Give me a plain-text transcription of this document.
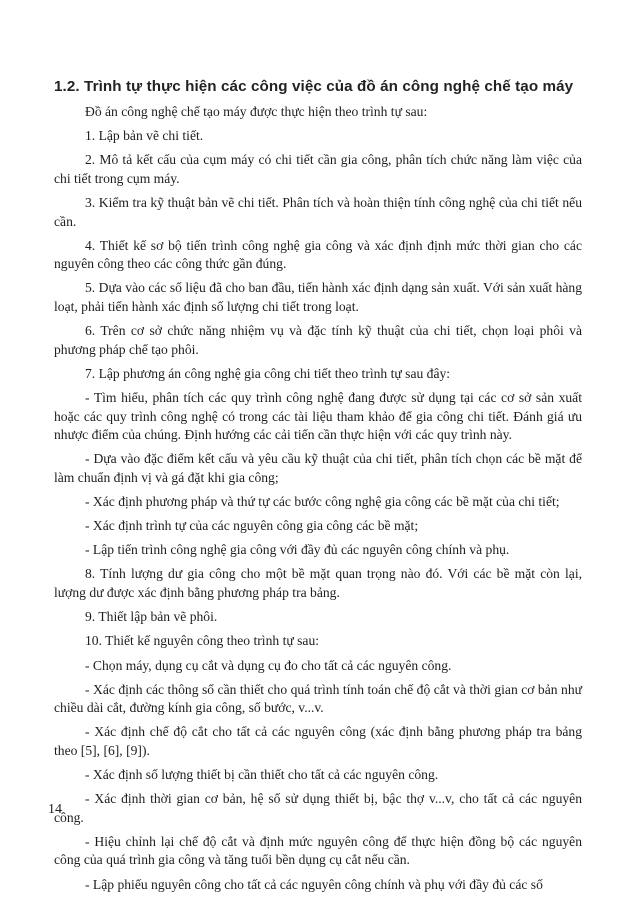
1.2. Trình tự thực hiện các công việc của đồ án công nghệ chế tạo máy

Đồ án công nghệ chế tạo máy được thực hiện theo trình tự sau:

1. Lập bản vẽ chi tiết.

2. Mô tả kết cấu của cụm máy có chi tiết cần gia công, phân tích chức năng làm việc của chi tiết trong cụm máy.

3. Kiểm tra kỹ thuật bản vẽ chi tiết. Phân tích và hoàn thiện tính công nghệ của chi tiết nếu cần.

4. Thiết kế sơ bộ tiến trình công nghệ gia công và xác định định mức thời gian cho các nguyên công theo các công thức gần đúng.

5. Dựa vào các số liệu đã cho ban đầu, tiến hành xác định dạng sản xuất. Với sản xuất hàng loạt, phải tiến hành xác định số lượng chi tiết trong loạt.

6. Trên cơ sở chức năng nhiệm vụ và đặc tính kỹ thuật của chi tiết, chọn loại phôi và phương pháp chế tạo phôi.

7. Lập phương án công nghệ gia công chi tiết theo trình tự sau đây:

- Tìm hiểu, phân tích các quy trình công nghệ đang được sử dụng tại các cơ sở sản xuất hoặc các quy trình công nghệ có trong các tài liệu tham khảo để gia công chi tiết. Đánh giá ưu nhược điểm của chúng. Định hướng các cải tiến cần thực hiện với các quy trình này.

- Dựa vào đặc điểm kết cấu và yêu cầu kỹ thuật của chi tiết, phân tích chọn các bề mặt để làm chuẩn định vị và gá đặt khi gia công;

- Xác định phương pháp và thứ tự các bước công nghệ gia công các bề mặt của chi tiết;

- Xác định trình tự của các nguyên công gia công các bề mặt;

- Lập tiến trình công nghệ gia công với đầy đủ các nguyên công chính và phụ.

8. Tính lượng dư gia công cho một bề mặt quan trọng nào đó. Với các bề mặt còn lại, lượng dư được xác định bằng phương pháp tra bảng.

9. Thiết lập bản vẽ phôi.

10. Thiết kế nguyên công theo trình tự sau:

- Chọn máy, dụng cụ cắt và dụng cụ đo cho tất cả các nguyên công.

- Xác định các thông số cần thiết cho quá trình tính toán chế độ cắt và thời gian cơ bản như chiều dài cắt, đường kính gia công, số bước, v...v.

- Xác định chế độ cắt cho tất cả các nguyên công (xác định bằng phương pháp tra bảng theo [5], [6], [9]).

- Xác định số lượng thiết bị cần thiết cho tất cả các nguyên công.

- Xác định thời gian cơ bản, hệ số sử dụng thiết bị, bậc thợ v...v, cho tất cả các nguyên công.

- Hiệu chỉnh lại chế độ cắt và định mức nguyên công để thực hiện đồng bộ các nguyên công của quá trình gia công và tăng tuổi bền dụng cụ cắt nếu cần.

- Lập phiếu nguyên công cho tất cả các nguyên công chính và phụ với đầy đủ các số

14
